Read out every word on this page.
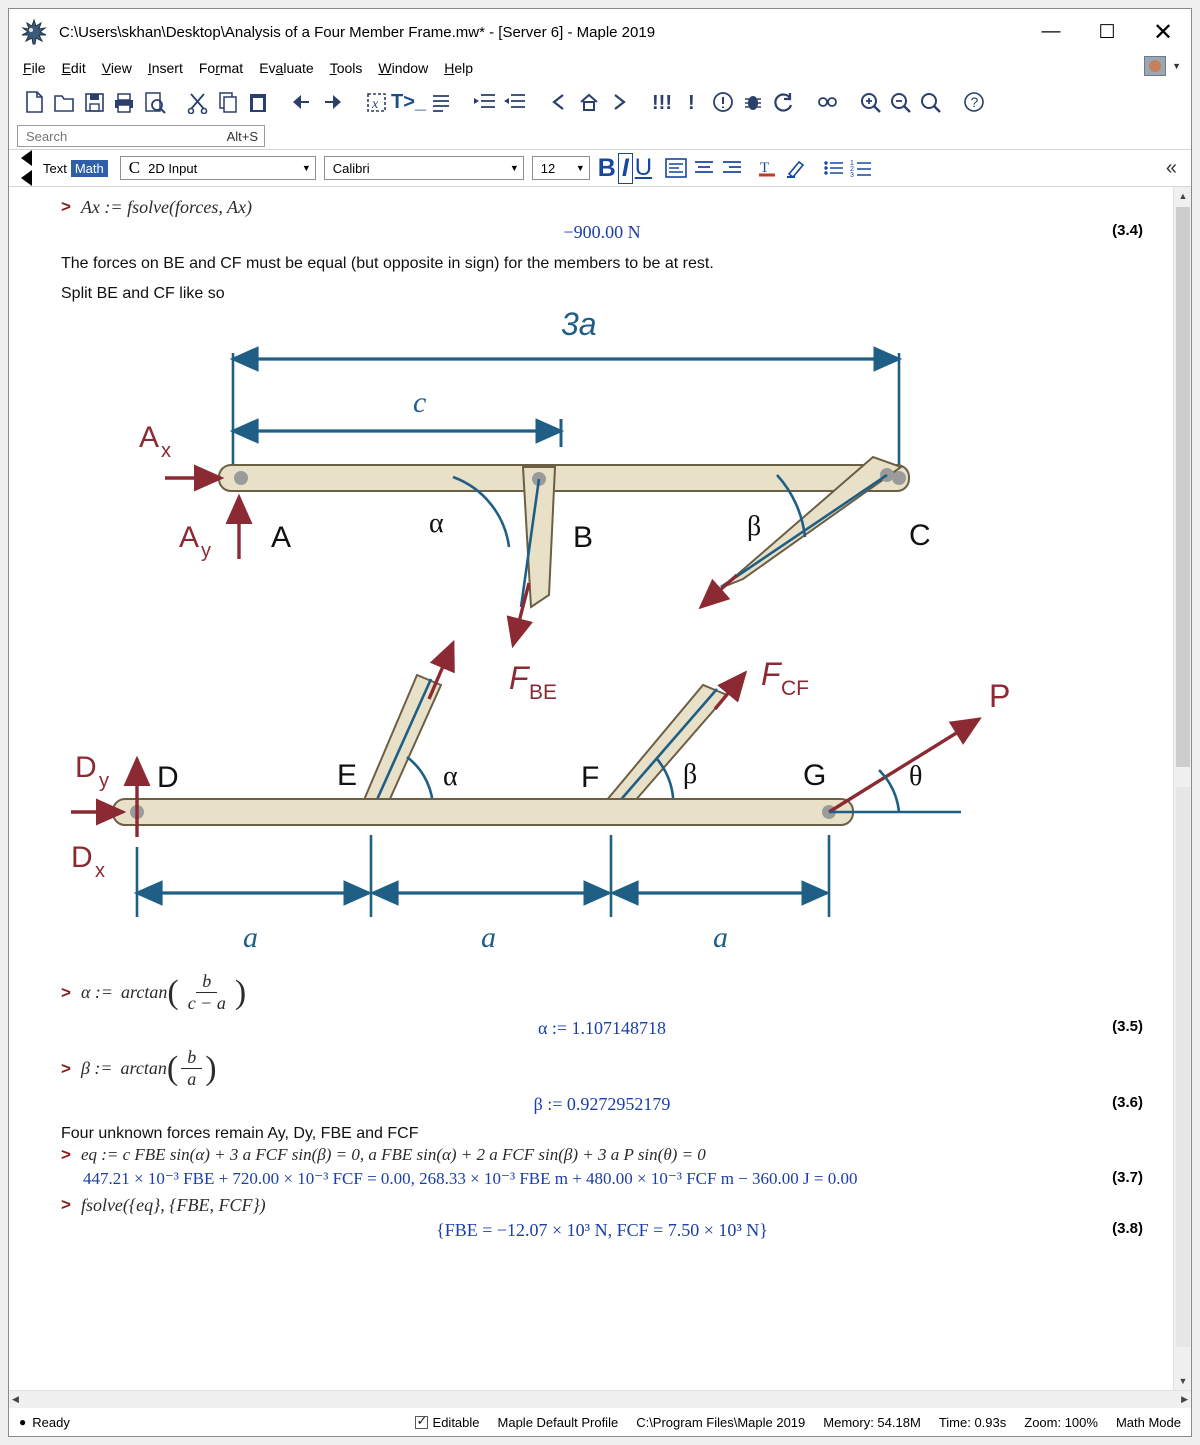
C:\Users\skhan\Desktop\Analysis of a Four Member Frame.mw* - [Server 6] - Maple 2019	—	☐	✕
File Edit View Insert Format Evaluate Tools Window Help	▼
x T >_	!!! !	?
Search
Alt+S
Text Math C 2D Input	▼ Calibri	▼ 12 ▼ B I U	T	1
2
3	«
> Ax := fsolve(forces, Ax)
−900.00 N	(3.4)
The forces on BE and CF must be equal (but opposite in sign) for the members to be at rest.
Split BE and CF like so
3a
c
A x
A y A	α	B	β	C
F BE
F CF
α	β
D y
D x
D	E	F	G	θ
P
a	a	a
> α := arctan ( $\frac{b}{c - a}$ )
α := 1.107148718	(3.5)
> β := arctan ( $\frac{b}{a}$ )
β := 0.9272952179	(3.6)
Four unknown forces remain Ay, Dy, FBE and FCF
> eq := c FBE sin(α) + 3 a FCF sin(β) = 0, a FBE sin(α) + 2 a FCF sin(β) + 3 a P sin(θ) = 0
447.21 × 10⁻³ FBE + 720.00 × 10⁻³ FCF = 0.00, 268.33 × 10⁻³ FBE m + 480.00 × 10⁻³ FCF m − 360.00 J = 0.00	(3.7)
> fsolve({eq}, {FBE, FCF})
{FBE = −12.07 × 10³ N, FCF = 7.50 × 10³ N}	(3.8)
▲
▼
◀	▶
● Ready ✓	Editable Maple Default Profile C:\Program Files\Maple 2019 Memory: 54.18M Time: 0.93s Zoom: 100% Math Mode
